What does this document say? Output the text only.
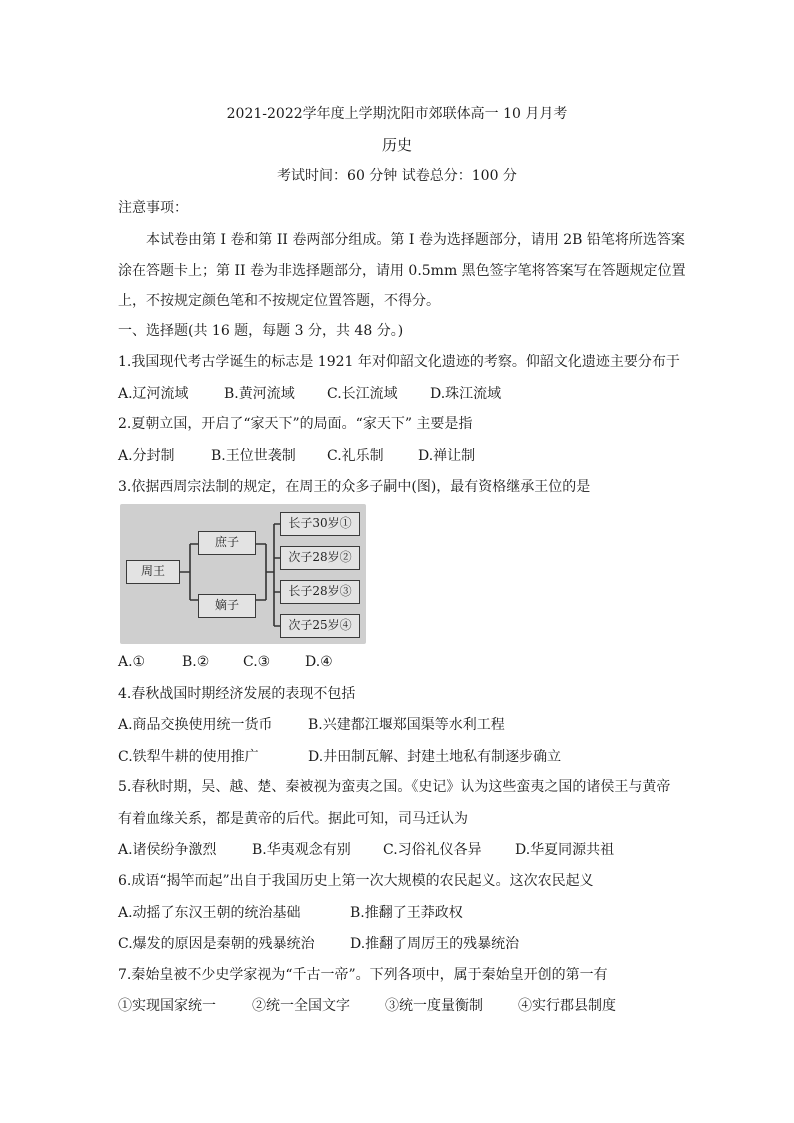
2021-2022学年度上学期沈阳市郊联体高一 10 月月考
历史
考试时间：60 分钟 试卷总分：100 分
注意事项：
本试卷由第 I 卷和第 II 卷两部分组成。第 I 卷为选择题部分，请用 2B 铅笔将所选答案
涂在答题卡上；第 II 卷为非选择题部分，请用 0.5mm 黑色签字笔将答案写在答题规定位置
上，不按规定颜色笔和不按规定位置答题，不得分。
一、选择题(共 16 题，每题 3 分，共 48 分。)
1.我国现代考古学诞生的标志是 1921 年对仰韶文化遗迹的考察。仰韶文化遗迹主要分布于
A.辽河流域	B.黄河流域 C.长江流域 D.珠江流域
2.夏朝立国，开启了“家天下”的局面。“家天下” 主要是指
A.分封制	B.王位世袭制 C.礼乐制 D.禅让制
3.依据西周宗法制的规定，在周王的众多子嗣中(图)，最有资格继承王位的是
周王
庶子
嫡子
长子30岁①
次子28岁②
长子28岁③
次子25岁④
A.①	B.② C.③ D.④
4.春秋战国时期经济发展的表现不包括
A.商品交换使用统一货币	B.兴建都江堰郑国渠等水利工程
C.铁犁牛耕的使用推广	D.井田制瓦解、封建土地私有制逐步确立
5.春秋时期，吴、越、楚、秦被视为蛮夷之国。《史记》认为这些蛮夷之国的诸侯王与黄帝
有着血缘关系，都是黄帝的后代。据此可知，司马迁认为
A.诸侯纷争激烈	B.华夷观念有别 C.习俗礼仪各异 D.华夏同源共祖
6.成语“揭竿而起”出自于我国历史上第一次大规模的农民起义。这次农民起义
A.动摇了东汉王朝的统治基础	B.推翻了王莽政权
C.爆发的原因是秦朝的残暴统治	D.推翻了周厉王的残暴统治
7.秦始皇被不少史学家视为“千古一帝”。下列各项中，属于秦始皇开创的第一有
①实现国家统一	②统一全国文字	③统一度量衡制	④实行郡县制度
